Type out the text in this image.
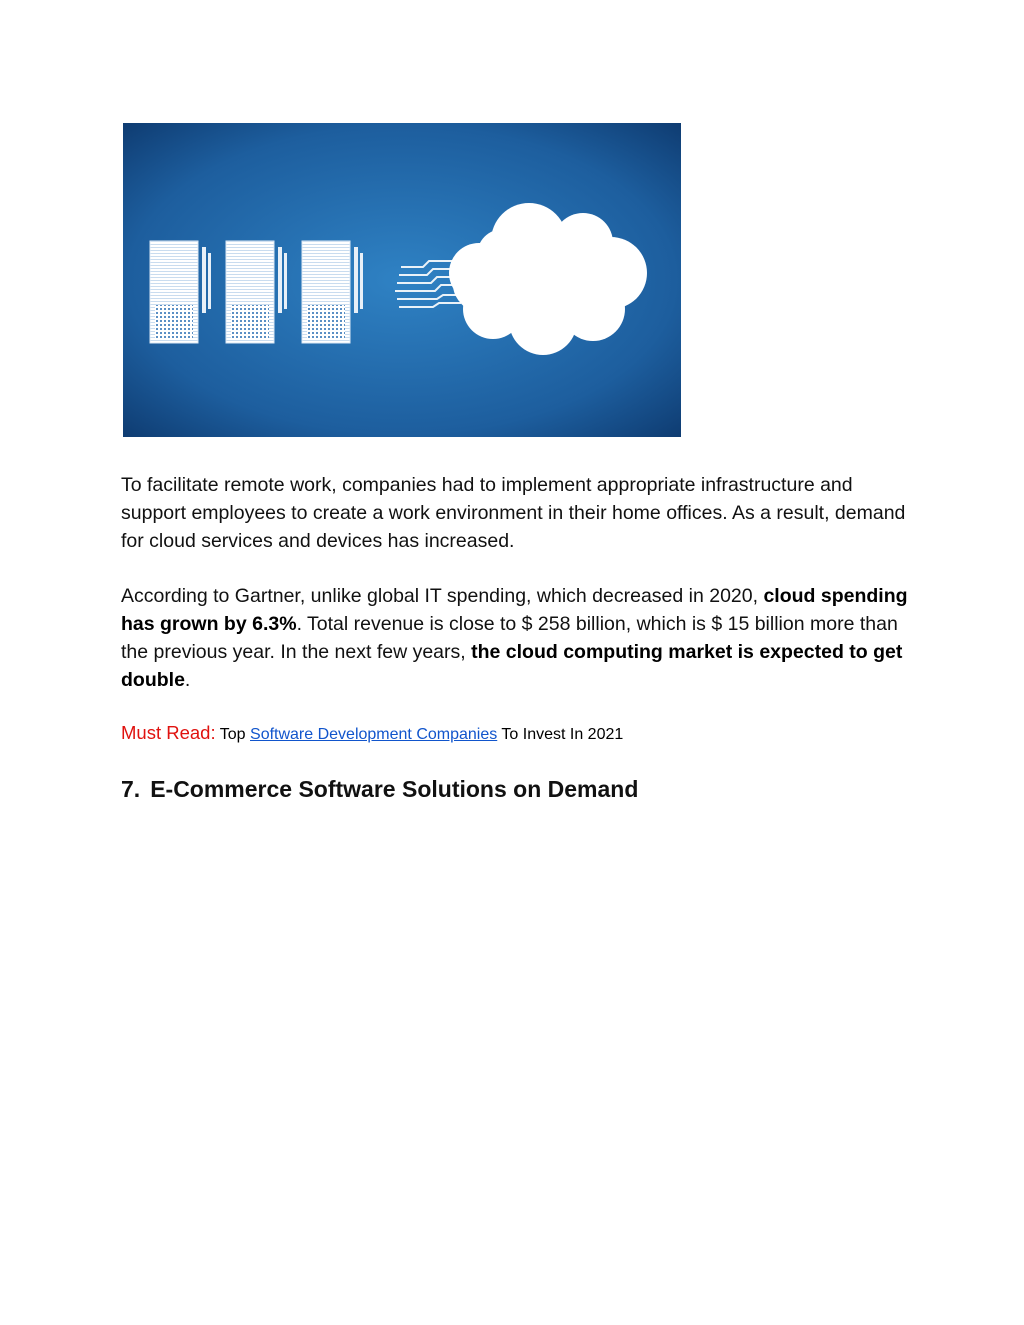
To facilitate remote work, companies had to implement appropriate infrastructure and support employees to create a work environment in their home offices. As a result, demand for cloud services and devices has increased.

According to Gartner, unlike global IT spending, which decreased in 2020, cloud spending has grown by 6.3%. Total revenue is close to $ 258 billion, which is $ 15 billion more than the previous year. In the next few years, the cloud computing market is expected to get double.

Must Read: Top Software Development Companies To Invest In 2021

7. E-Commerce Software Solutions on Demand
